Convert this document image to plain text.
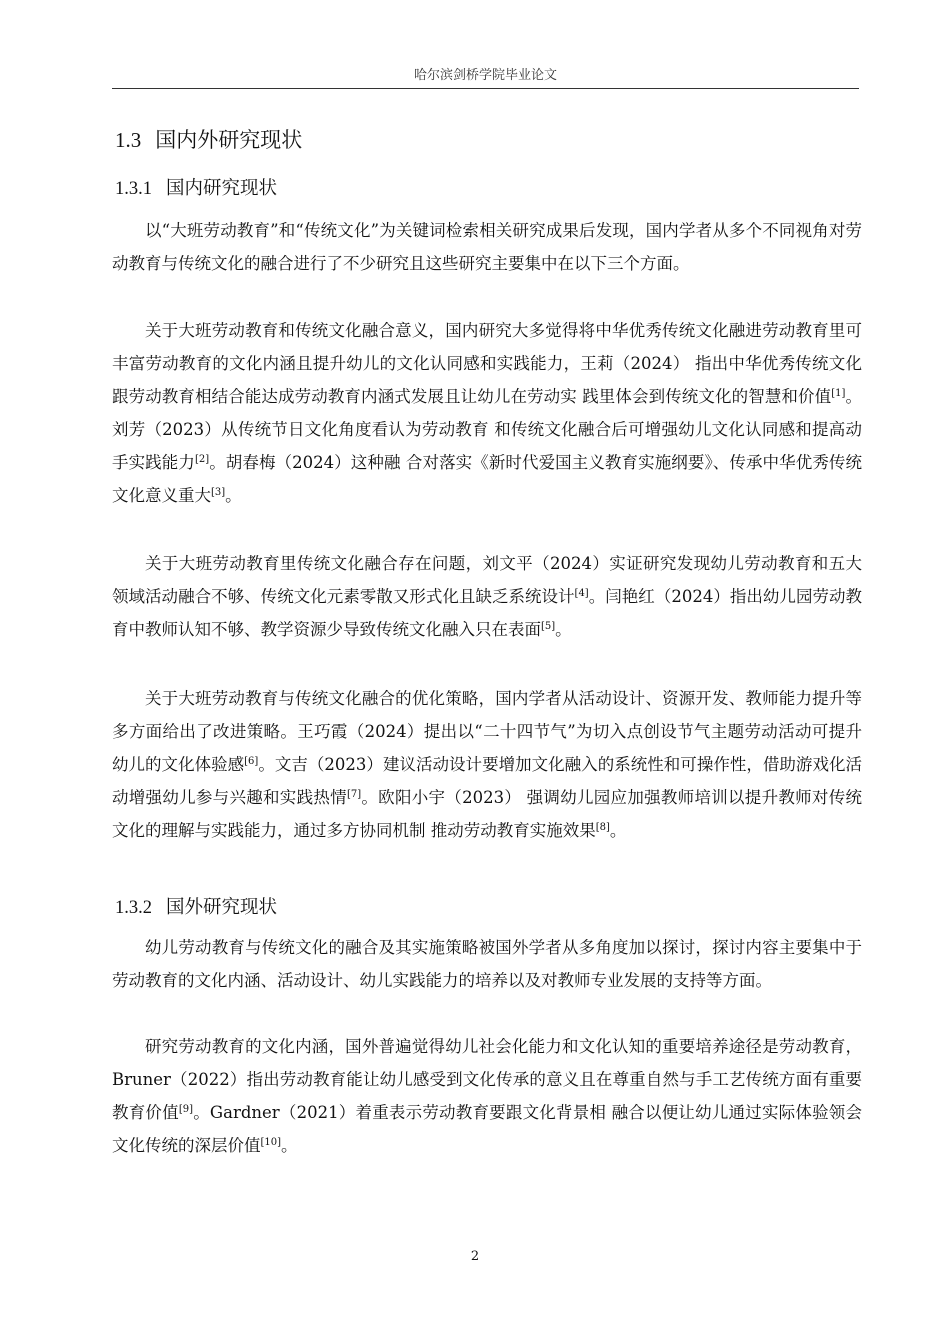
哈尔滨剑桥学院毕业论文
1.3 国内外研究现状
1.3.1 国内研究现状

以“大班劳动教育”和“传统文化”为关键词检索相关研究成果后发现，国内学者从多个不同视角对劳动教育与传统文化的融合进行了不少研究且这些研究主要集中在以下三个方面。

关于大班劳动教育和传统文化融合意义，国内研究大多觉得将中华优秀传统文化融进劳动教育里可丰富劳动教育的文化内涵且提升幼儿的文化认同感和实践能力，王莉（2024） 指出中华优秀传统文化跟劳动教育相结合能达成劳动教育内涵式发展且让幼儿在劳动实 践里体会到传统文化的智慧和价值[1]。刘芳（2023）从传统节日文化角度看认为劳动教育 和传统文化融合后可增强幼儿文化认同感和提高动手实践能力[2]。胡春梅（2024）这种融 合对落实《新时代爱国主义教育实施纲要》、传承中华优秀传统文化意义重大[3]。

关于大班劳动教育里传统文化融合存在问题，刘文平（2024）实证研究发现幼儿劳动教育和五大领域活动融合不够、传统文化元素零散又形式化且缺乏系统设计[4]。闫艳红（2024）指出幼儿园劳动教育中教师认知不够、教学资源少导致传统文化融入只在表面[5]。

关于大班劳动教育与传统文化融合的优化策略，国内学者从活动设计、资源开发、教师能力提升等多方面给出了改进策略。王巧霞（2024）提出以“二十四节气”为切入点创设节气主题劳动活动可提升幼儿的文化体验感[6]。文吉（2023）建议活动设计要增加文化融入的系统性和可操作性，借助游戏化活动增强幼儿参与兴趣和实践热情[7]。欧阳小宇（2023） 强调幼儿园应加强教师培训以提升教师对传统文化的理解与实践能力，通过多方协同机制 推动劳动教育实施效果[8]。

1.3.2 国外研究现状

幼儿劳动教育与传统文化的融合及其实施策略被国外学者从多角度加以探讨，探讨内容主要集中于劳动教育的文化内涵、活动设计、幼儿实践能力的培养以及对教师专业发展的支持等方面。

研究劳动教育的文化内涵，国外普遍觉得幼儿社会化能力和文化认知的重要培养途径是劳动教育，Bruner（2022）指出劳动教育能让幼儿感受到文化传承的意义且在尊重自然与手工艺传统方面有重要教育价值[9]。Gardner（2021）着重表示劳动教育要跟文化背景相 融合以便让幼儿通过实际体验领会文化传统的深层价值[10]。

2
